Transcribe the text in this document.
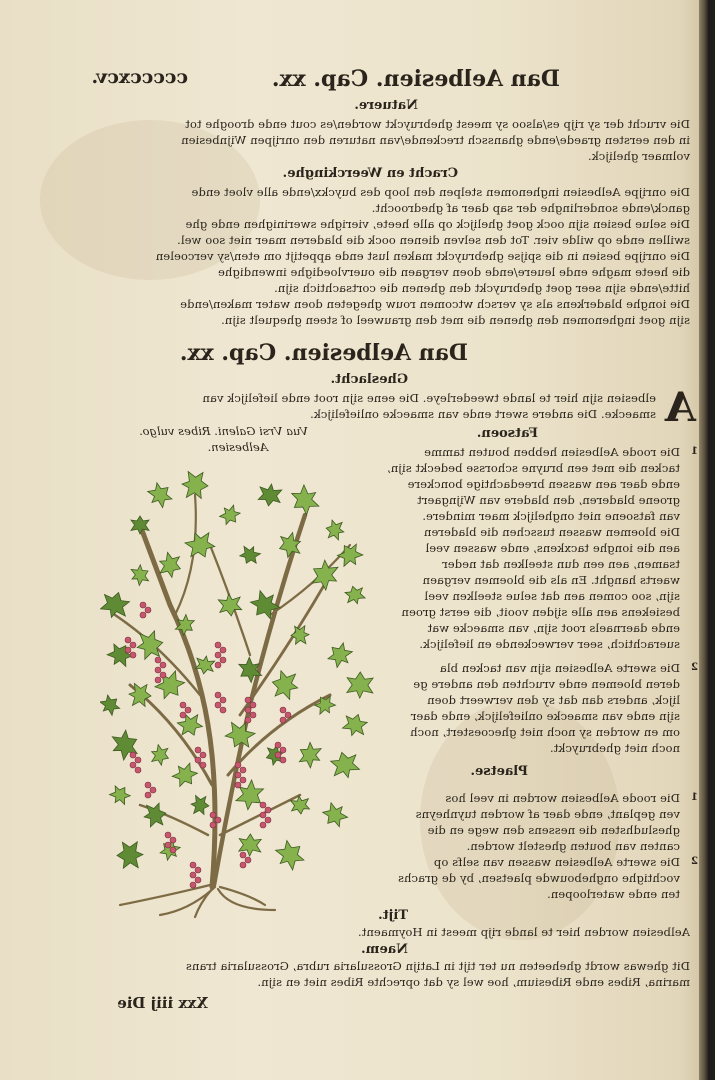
Dan Aelbesien. Cap. xx.
cccccxcv.
Natuere.
Die vrucht der sy rijp es/alsoo sy meest ghebruyckt worden/es cout ende drooghe tot
in den eersten graede/ende ghanssch treckende/van naturen den onrijpen Wijnbesien
volmaer ghelijck.
Cracht en Weerckinghe.
Die onrijpe Aelbesien inghenomen stelpen den loop des buyckx/ende alle vloet ende
ganck/ende sonderlinghe der sap daer af ghedroocht.
Die selue besien sijn oock goet ghelijck op alle heete, vierighe swerinighen ende ghe
swillen ende op wilde vier. Tot den selven dienen oock die bladeren maer niet soo wel.
Die onrijpe besien in die spijse ghebruyckt maken lust ende appetijt om eten/sy vercoelen
die heete maghe ende leuere/ende doen vergaen die ouervloedighe inwendighe
hitte/ende sijn seer goet ghebruyckt den ghenen die cortsachtich sijn.
Die ionghe bladerkens als sy versch wtcomen rouw ghegeten doen water maken/ende
sijn goet inghenomen den ghenen die met den grauweel of steen ghequelt sijn.
Dan Aelbesien. Cap. xx.
Gheslacht.
A
elbesien sijn hier te lande tweederleye. Die eene sijn root ende liefelijck van
smaecke. Die andere swert ende van smaecke onliefelijck.
Vua Vrsi Galeni. Ribes vulgo.
Aelbesien.
Fatsoen.
1
Die roode Aelbesien hebben bouten tamme
tacken die met een bruyne schorsse bedeckt sijn,
ende daer aen wassen breedachtige bonckere
groene bladeren, den bladere van Wijngaert
van fatsoene niet onghelijck maer mindere.
Die bloemen wassen tusschen die bladeren
aen die ionghe tacxkens, ende wassen veel
tsamen, aen een dun steelken dat neder
waerts hanght. En als die bloemen vergaen
sijn, soo comen aen dat selue steelken veel
besiekens aen alle sijden vooit, die eerst groen
ende daernaels root sijn, van smaecke wat
suerachtich, seer verweckende en liefelijck.
2
Die swerte Aelbesien sijn van tacken bla
deren bloemen ende vruchten den andere ge
lijck, anders dan dat sy den verweert doen
sijn ende van smaecke onliefelijck, ende daer
om en worden sy noch niet ghecoestert, noch
noch niet ghebruyckt.
Plaetse.
1
Die roode Aelbesien worden in veel hos
ven geplant, ende daer af worden tuynheyns
ghesludhsten die nessens den wege en die
canten van bouten ghestelt worden.
2
Die swerte Aelbesien wassen van selfs op
vochtighe onghebouwde plaetsen, by de grachs
ten ende waterloopen.
Tijt.
Aelbesien worden hier te lande rijp meest in Hoymaent.
Naem.
Dit ghewas wordt gheheeten nu ter tijt in Latijn Grossularia rubra, Grossularia trans
marina, Ribes ende Ribesium, hoe wel sy dat oprechte Ribes niet en sijn.
Xxx iiij Die
